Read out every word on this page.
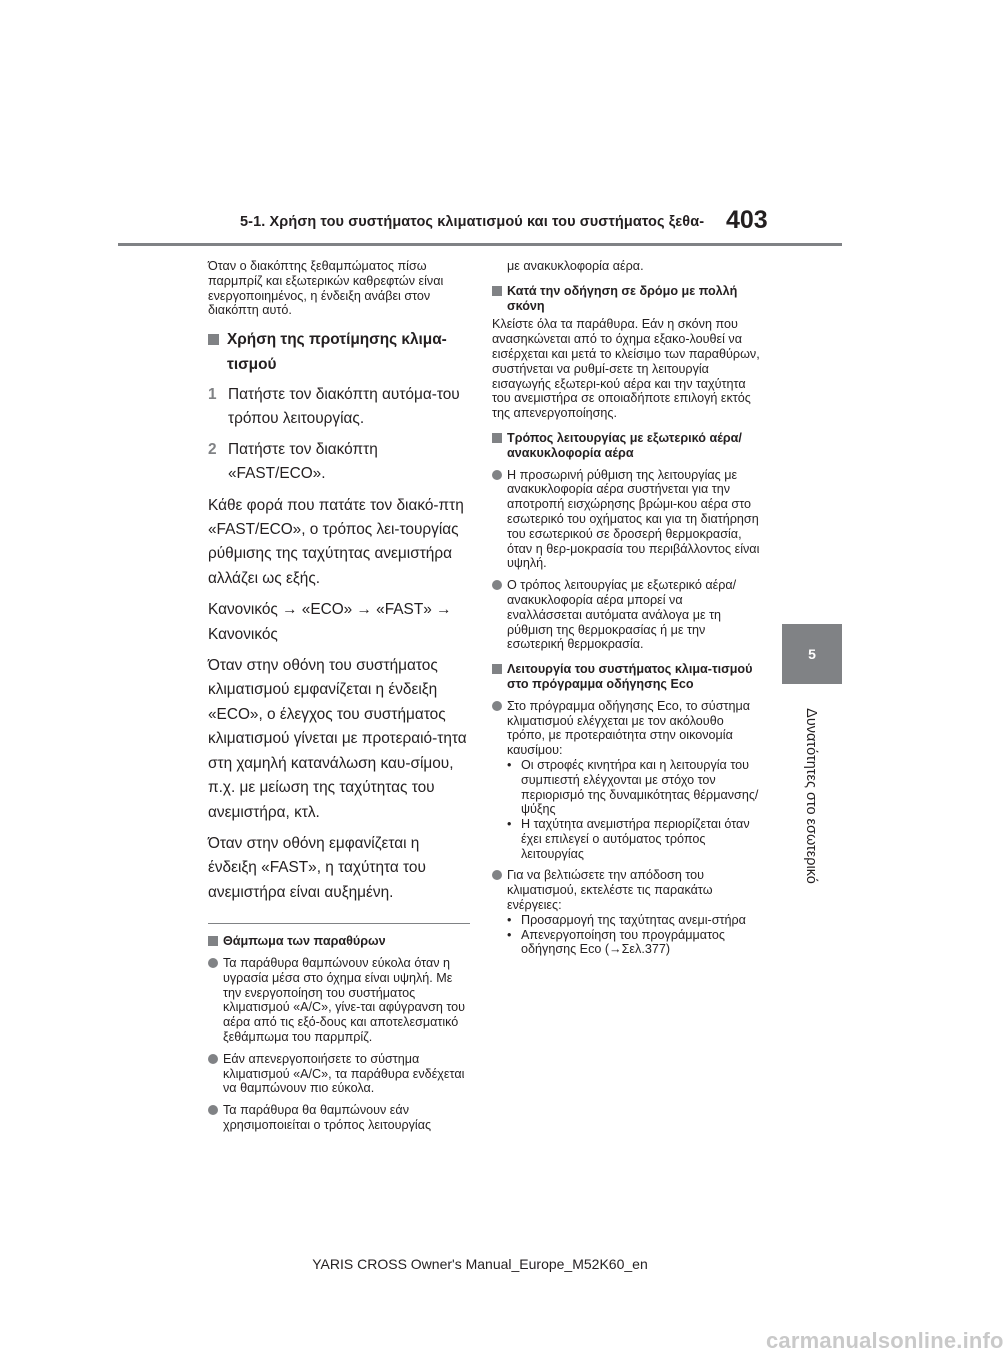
5-1. Χρήση του συστήματος κλιματισμού και του συστήματος ξεθα- 403
5
Δυνατότητες στο εσωτερικό

Όταν ο διακόπτης ξεθαμπώματος πίσω παρμπρίζ και εξωτερικών καθρεφτών είναι ενεργοποιημένος, η ένδειξη ανάβει στον διακόπτη αυτό.

Χρήση της προτίμησης κλιμα-τισμού
1 Πατήστε τον διακόπτη αυτόμα-του τρόπου λειτουργίας.
2 Πατήστε τον διακόπτη «FAST/ECO».

Κάθε φορά που πατάτε τον διακό-πτη «FAST/ECO», ο τρόπος λει-τουργίας ρύθμισης της ταχύτητας ανεμιστήρα αλλάζει ως εξής.

Κανονικός → «ECO» → «FAST» → Κανονικός

Όταν στην οθόνη του συστήματος κλιματισμού εμφανίζεται η ένδειξη «ECO», ο έλεγχος του συστήματος κλιματισμού γίνεται με προτεραιό-τητα στη χαμηλή κατανάλωση καυ-σίμου, π.χ. με μείωση της ταχύτητας του ανεμιστήρα, κτλ.

Όταν στην οθόνη εμφανίζεται η ένδειξη «FAST», η ταχύτητα του ανεμιστήρα είναι αυξημένη.

Θάμπωμα των παραθύρων
Τα παράθυρα θαμπώνουν εύκολα όταν η υγρασία μέσα στο όχημα είναι υψηλή. Με την ενεργοποίηση του συστήματος κλιματισμού «A/C», γίνε-ται αφύγρανση του αέρα από τις εξό-δους και αποτελεσματικό ξεθάμπωμα του παρμπρίζ.
Εάν απενεργοποιήσετε το σύστημα κλιματισμού «A/C», τα παράθυρα ενδέχεται να θαμπώνουν πιο εύκολα.
Τα παράθυρα θα θαμπώνουν εάν χρησιμοποιείται ο τρόπος λειτουργίας

με ανακυκλοφορία αέρα.

Κατά την οδήγηση σε δρόμο με πολλή σκόνη

Κλείστε όλα τα παράθυρα. Εάν η σκόνη που ανασηκώνεται από το όχημα εξακο-λουθεί να εισέρχεται και μετά το κλείσιμο των παραθύρων, συστήνεται να ρυθμί-σετε τη λειτουργία εισαγωγής εξωτερι-κού αέρα και την ταχύτητα του ανεμιστήρα σε οποιαδήποτε επιλογή εκτός της απενεργοποίησης.

Τρόπος λειτουργίας με εξωτερικό αέρα/ανακυκλοφορία αέρα
Η προσωρινή ρύθμιση της λειτουργίας με ανακυκλοφορία αέρα συστήνεται για την αποτροπή εισχώρησης βρώμι-κου αέρα στο εσωτερικό του οχήματος και για τη διατήρηση του εσωτερικού σε δροσερή θερμοκρασία, όταν η θερ-μοκρασία του περιβάλλοντος είναι υψηλή.
Ο τρόπος λειτουργίας με εξωτερικό αέρα/ανακυκλοφορία αέρα μπορεί να εναλλάσσεται αυτόματα ανάλογα με τη ρύθμιση της θερμοκρασίας ή με την εσωτερική θερμοκρασία.
Λειτουργία του συστήματος κλιμα-τισμού στο πρόγραμμα οδήγησης Eco
Στο πρόγραμμα οδήγησης Eco, το σύστημα κλιματισμού ελέγχεται με τον ακόλουθο τρόπο, με προτεραιότητα στην οικονομία καυσίμου:
• Οι στροφές κινητήρα και η λειτουργία του συμπιεστή ελέγχονται με στόχο τον περιορισμό της δυναμικότητας θέρμανσης/ψύξης
• Η ταχύτητα ανεμιστήρα περιορίζεται όταν έχει επιλεγεί ο αυτόματος τρόπος λειτουργίας
Για να βελτιώσετε την απόδοση του κλιματισμού, εκτελέστε τις παρακάτω ενέργειες:
• Προσαρμογή της ταχύτητας ανεμι-στήρα
• Απενεργοποίηση του προγράμματος οδήγησης Eco (→Σελ.377)
YARIS CROSS Owner's Manual_Europe_M52K60_en
carmanualsonline.info
